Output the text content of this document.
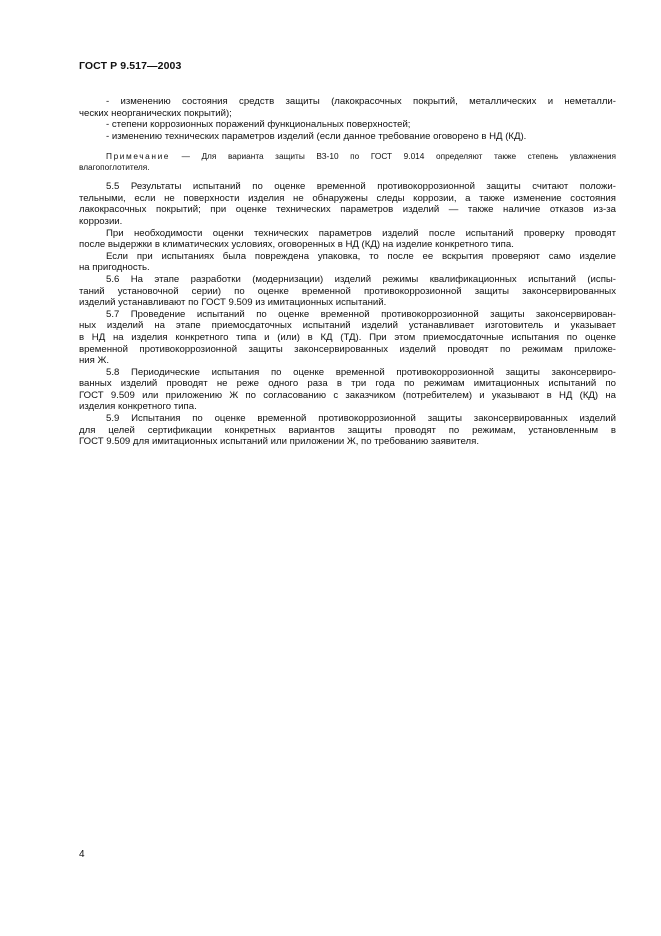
ГОСТ Р 9.517—2003
- изменению состояния средств защиты (лакокрасочных покрытий, металлических и неметалли-
ческих неорганических покрытий);
- степени коррозионных поражений функциональных поверхностей;
- изменению технических параметров изделий (если данное требование оговорено в НД (КД).
Примечание — Для варианта защиты ВЗ-10 по ГОСТ 9.014 определяют также степень увлажнения
влагопоглотителя.
5.5 Результаты испытаний по оценке временной противокоррозионной защиты считают положи-
тельными, если не поверхности изделия не обнаружены следы коррозии, а также изменение состояния
лакокрасочных покрытий; при оценке технических параметров изделий — также наличие отказов из-за
коррозии.
При необходимости оценки технических параметров изделий после испытаний проверку проводят
после выдержки в климатических условиях, оговоренных в НД (КД) на изделие конкретного типа.
Если при испытаниях была повреждена упаковка, то после ее вскрытия проверяют само изделие
на пригодность.
5.6 На этапе разработки (модернизации) изделий режимы квалификационных испытаний (испы-
таний установочной серии) по оценке временной противокоррозионной защиты законсервированных
изделий устанавливают по ГОСТ 9.509 из имитационных испытаний.
5.7 Проведение испытаний по оценке временной противокоррозионной защиты законсервирован-
ных изделий на этапе приемосдаточных испытаний изделий устанавливает изготовитель и указывает
в НД на изделия конкретного типа и (или) в КД (ТД). При этом приемосдаточные испытания по оценке
временной противокоррозионной защиты законсервированных изделий проводят по режимам приложе-
ния Ж.
5.8 Периодические испытания по оценке временной противокоррозионной защиты законсервиро-
ванных изделий проводят не реже одного раза в три года по режимам имитационных испытаний по
ГОСТ 9.509 или приложению Ж по согласованию с заказчиком (потребителем) и указывают в НД (КД) на
изделия конкретного типа.
5.9 Испытания по оценке временной противокоррозионной защиты законсервированных изделий
для целей сертификации конкретных вариантов защиты проводят по режимам, установленным в
ГОСТ 9.509 для имитационных испытаний или приложении Ж, по требованию заявителя.
4
